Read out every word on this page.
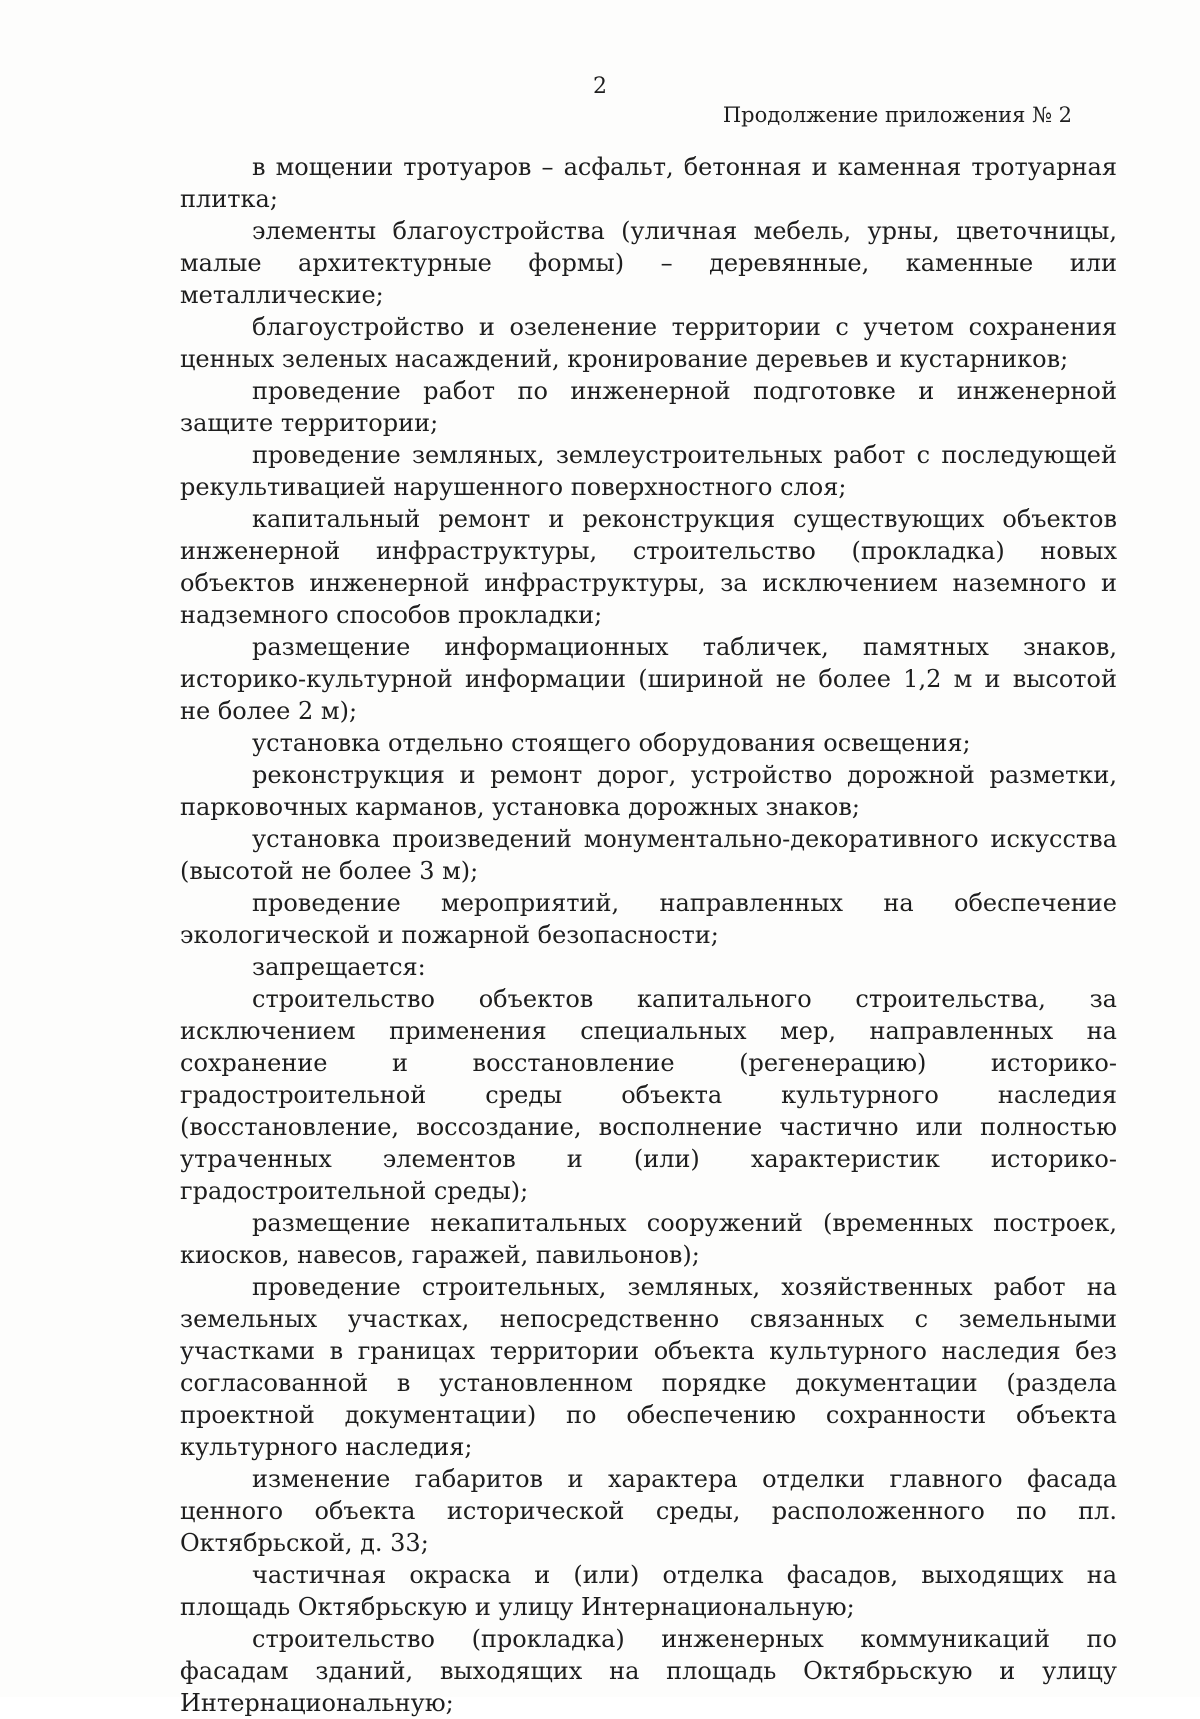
2
Продолжение приложения № 2

в мощении тротуаров – асфальт, бетонная и каменная тротуарная плитка;

элементы благоустройства (уличная мебель, урны, цветочницы, малые архитектурные формы) – деревянные, каменные или металлические;

благоустройство и озеленение территории с учетом сохранения ценных зеленых насаждений, кронирование деревьев и кустарников;

проведение работ по инженерной подготовке и инженерной защите территории;

проведение земляных, землеустроительных работ с последующей рекультивацией нарушенного поверхностного слоя;

капитальный ремонт и реконструкция существующих объектов инженерной инфраструктуры, строительство (прокладка) новых объектов инженерной инфраструктуры, за исключением наземного и надземного способов прокладки;

размещение информационных табличек, памятных знаков, историко-культурной информации (шириной не более 1,2 м и высотой не более 2 м);

установка отдельно стоящего оборудования освещения;

реконструкция и ремонт дорог, устройство дорожной разметки, парковочных карманов, установка дорожных знаков;

установка произведений монументально-декоративного искусства (высотой не более 3 м);

проведение мероприятий, направленных на обеспечение экологической и пожарной безопасности;

запрещается:

строительство объектов капитального строительства, за исключением применения специальных мер, направленных на сохранение и восстановление (регенерацию) историко-градостроительной среды объекта культурного наследия (восстановление, воссоздание, восполнение частично или полностью утраченных элементов и (или) характеристик историко-градостроительной среды);

размещение некапитальных сооружений (временных построек, киосков, навесов, гаражей, павильонов);

проведение строительных, земляных, хозяйственных работ на земельных участках, непосредственно связанных с земельными участками в границах территории объекта культурного наследия без согласованной в установленном порядке документации (раздела проектной документации) по обеспечению сохранности объекта культурного наследия;

изменение габаритов и характера отделки главного фасада ценного объекта исторической среды, расположенного по пл. Октябрьской, д. 33;

частичная окраска и (или) отделка фасадов, выходящих на площадь Октябрьскую и улицу Интернациональную;

строительство (прокладка) инженерных коммуникаций по фасадам зданий, выходящих на площадь Октябрьскую и улицу Интернациональную;
